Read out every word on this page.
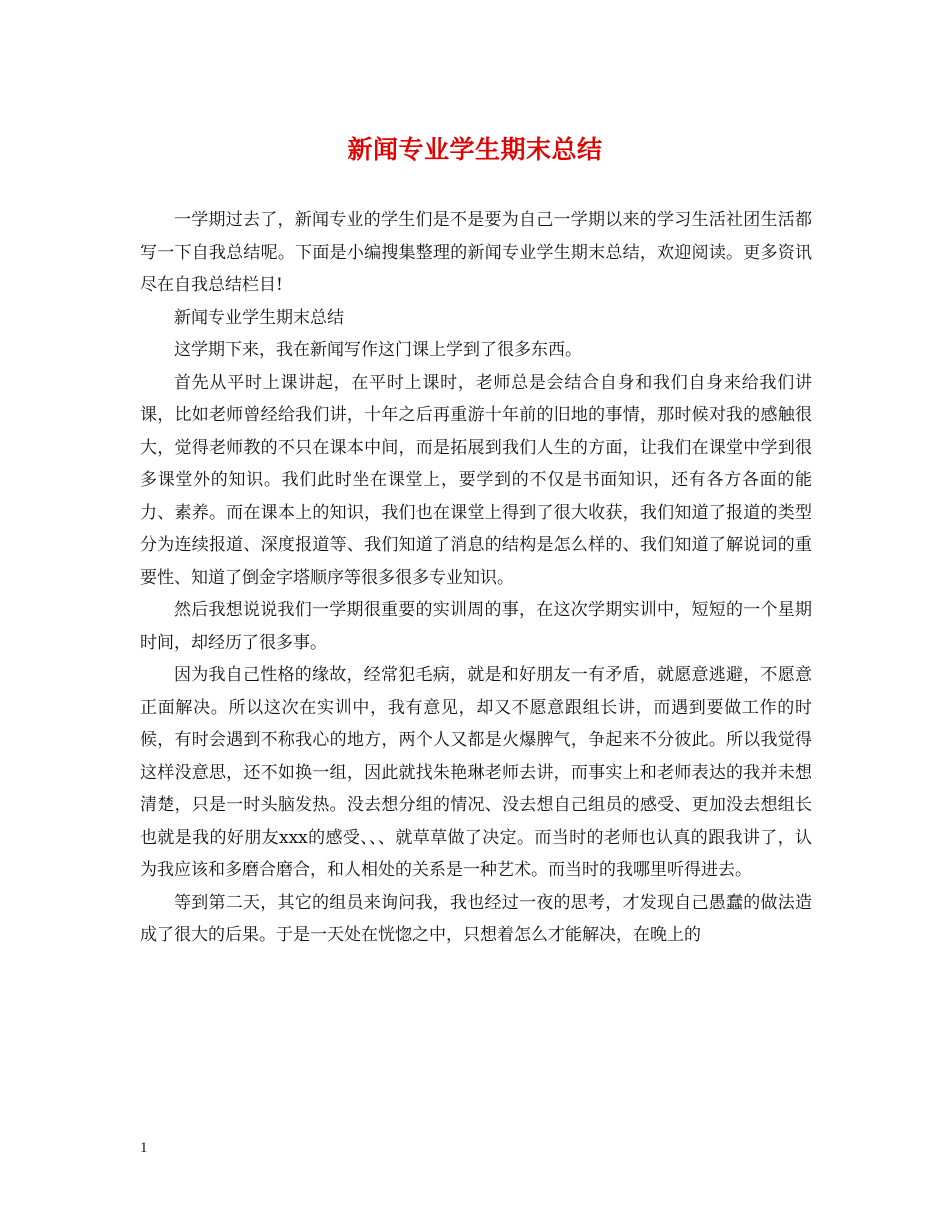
新闻专业学生期末总结

一学期过去了，新闻专业的学生们是不是要为自己一学期以来的学习生活社团生活都写一下自我总结呢。下面是小编搜集整理的新闻专业学生期末总结，欢迎阅读。更多资讯尽在自我总结栏目!

新闻专业学生期末总结

这学期下来，我在新闻写作这门课上学到了很多东西。

首先从平时上课讲起，在平时上课时，老师总是会结合自身和我们自身来给我们讲课，比如老师曾经给我们讲，十年之后再重游十年前的旧地的事情，那时候对我的感触很大，觉得老师教的不只在课本中间，而是拓展到我们人生的方面，让我们在课堂中学到很多课堂外的知识。我们此时坐在课堂上，要学到的不仅是书面知识，还有各方各面的能力、素养。而在课本上的知识，我们也在课堂上得到了很大收获，我们知道了报道的类型分为连续报道、深度报道等、我们知道了消息的结构是怎么样的、我们知道了解说词的重要性、知道了倒金字塔顺序等很多很多专业知识。

然后我想说说我们一学期很重要的实训周的事，在这次学期实训中，短短的一个星期时间，却经历了很多事。

因为我自己性格的缘故，经常犯毛病，就是和好朋友一有矛盾，就愿意逃避，不愿意正面解决。所以这次在实训中，我有意见，却又不愿意跟组长讲，而遇到要做工作的时候，有时会遇到不称我心的地方，两个人又都是火爆脾气，争起来不分彼此。所以我觉得这样没意思，还不如换一组，因此就找朱艳琳老师去讲，而事实上和老师表达的我并未想清楚，只是一时头脑发热。没去想分组的情况、没去想自己组员的感受、更加没去想组长也就是我的好朋友xxx的感受、、、就草草做了决定。而当时的老师也认真的跟我讲了，认为我应该和多磨合磨合，和人相处的关系是一种艺术。而当时的我哪里听得进去。

等到第二天，其它的组员来询问我，我也经过一夜的思考，才发现自己愚蠢的做法造成了很大的后果。于是一天处在恍惚之中，只想着怎么才能解决，在晚上的

1
